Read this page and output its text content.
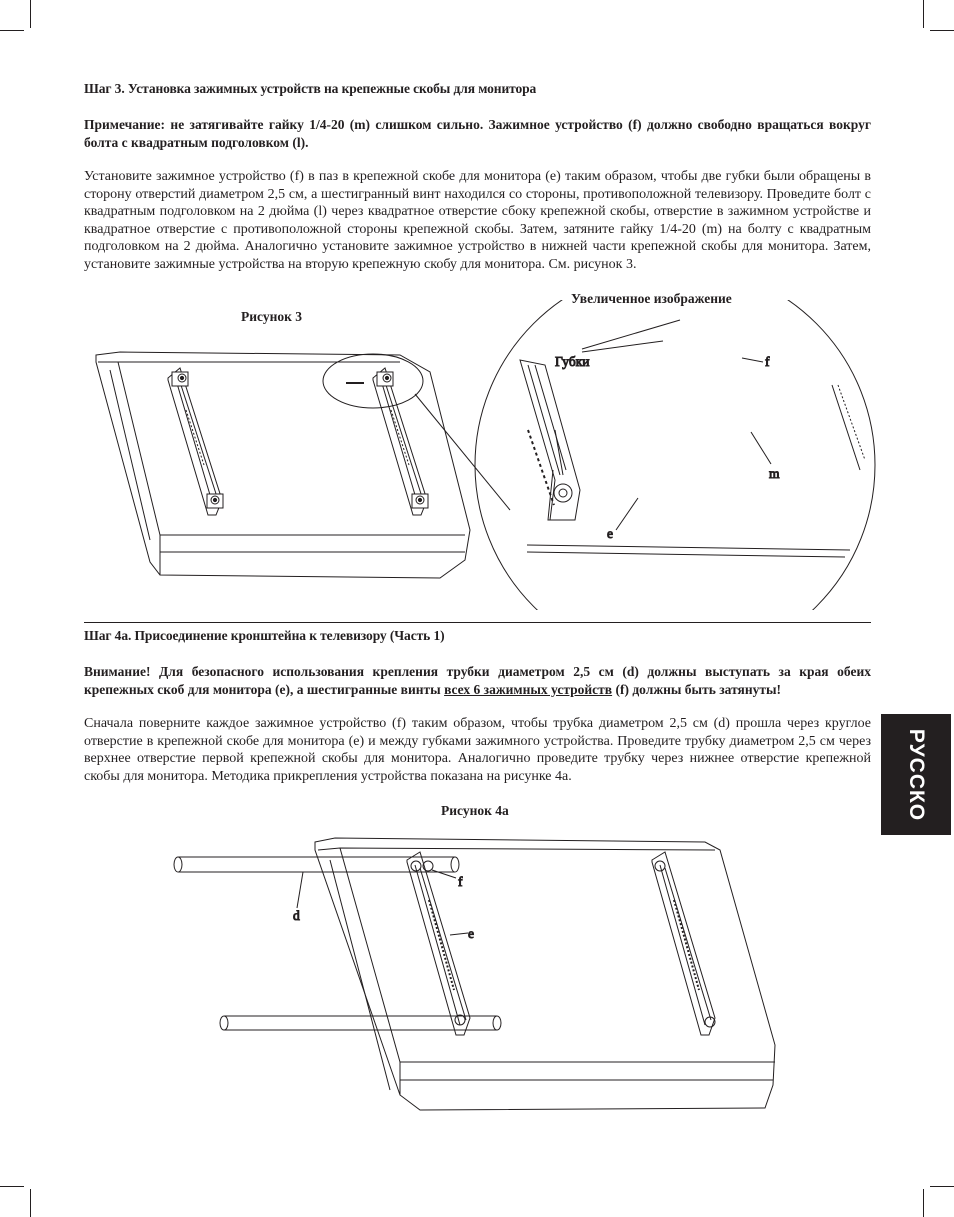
Шаг 3. Установка зажимных устройств на крепежные скобы для монитора
Примечание: не затягивайте гайку 1/4-20 (m) слишком сильно. Зажимное устройство (f) должно свободно вращаться вокруг болта с квадратным подголовком (l).
Установите зажимное устройство (f) в паз в крепежной скобе для монитора (e) таким образом, чтобы две губки были обращены в сторону отверстий диаметром 2,5 см, а шестигранный винт находился со стороны, противоположной телевизору. Проведите болт с квадратным подголовком на 2 дюйма (l) через квадратное отверстие сбоку крепежной скобы, отверстие в зажимном устройстве и квадратное отверстие с противоположной стороны крепежной скобы. Затем, затяните гайку 1/4-20 (m) на болту с квадратным подголовком на 2 дюйма. Аналогично установите зажимное устройство в нижней части крепежной скобы для монитора. Затем, установите зажимные устройства на вторую крепежную скобу для монитора. См. рисунок 3.
Увеличенное изображение
Рисунок 3
Губки	f
m
e
Шаг 4a. Присоединение кронштейна к телевизору (Часть 1)
Внимание! Для безопасного использования крепления трубки диаметром 2,5 см (d) должны выступать за края обеих крепежных скоб для монитора (e), а шестигранные винты всех 6 зажимных устройств (f) должны быть затянуты!
Сначала поверните каждое зажимное устройство (f) таким образом, чтобы трубка диаметром 2,5 см (d) прошла через круглое отверстие в крепежной скобе для монитора (e) и между губками зажимного устройства. Проведите трубку диаметром 2,5 см через верхнее отверстие первой крепежной скобы для монитора. Аналогично проведите трубку через нижнее отверстие крепежной скобы для монитора. Методика прикрепления устройства показана на рисунке 4a.
Рисунок 4a
d
f
e
РУССКО
